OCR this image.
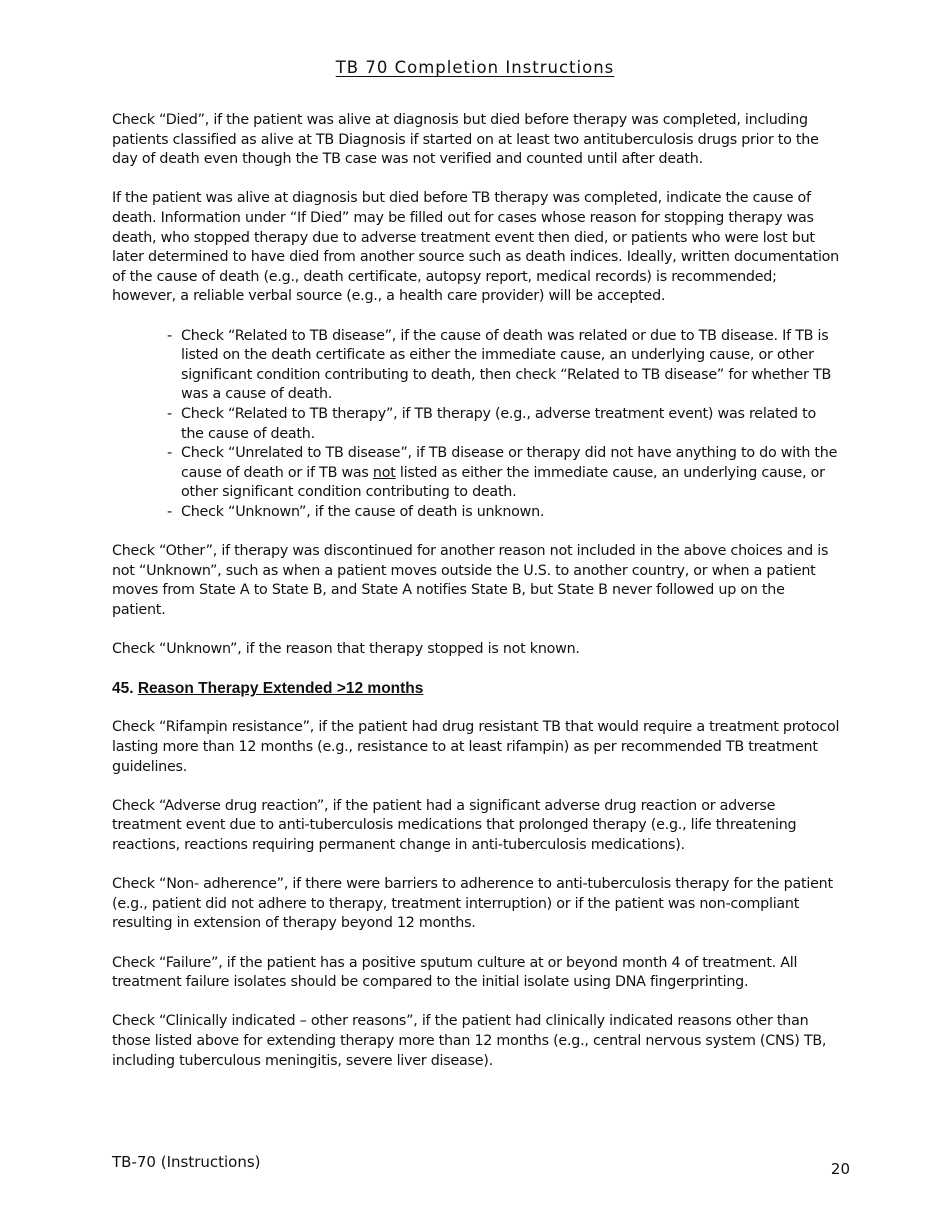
TB 70 Completion Instructions

Check “Died”, if the patient was alive at diagnosis but died before therapy was completed, including patients classified as alive at TB Diagnosis if started on at least two antituberculosis drugs prior to the day of death even though the TB case was not verified and counted until after death.

If the patient was alive at diagnosis but died before TB therapy was completed, indicate the cause of death. Information under “If Died” may be filled out for cases whose reason for stopping therapy was death, who stopped therapy due to adverse treatment event then died, or patients who were lost but later determined to have died from another source such as death indices. Ideally, written documentation of the cause of death (e.g., death certificate, autopsy report, medical records) is recommended; however, a reliable verbal source (e.g., a health care provider) will be accepted.

- Check “Related to TB disease”, if the cause of death was related or due to TB disease. If TB is listed on the death certificate as either the immediate cause, an underlying cause, or other significant condition contributing to death, then check “Related to TB disease” for whether TB was a cause of death.
- Check “Related to TB therapy”, if TB therapy (e.g., adverse treatment event) was related to the cause of death.
- Check “Unrelated to TB disease”, if TB disease or therapy did not have anything to do with the cause of death or if TB was not listed as either the immediate cause, an underlying cause, or other significant condition contributing to death.
- Check “Unknown”, if the cause of death is unknown.

Check “Other”, if therapy was discontinued for another reason not included in the above choices and is not “Unknown”, such as when a patient moves outside the U.S. to another country, or when a patient moves from State A to State B, and State A notifies State B, but State B never followed up on the patient.

Check “Unknown”, if the reason that therapy stopped is not known.

45. Reason Therapy Extended >12 months

Check “Rifampin resistance”, if the patient had drug resistant TB that would require a treatment protocol lasting more than 12 months (e.g., resistance to at least rifampin) as per recommended TB treatment guidelines.

Check “Adverse drug reaction”, if the patient had a significant adverse drug reaction or adverse treatment event due to anti-tuberculosis medications that prolonged therapy (e.g., life threatening reactions, reactions requiring permanent change in anti-tuberculosis medications).

Check “Non- adherence”, if there were barriers to adherence to anti-tuberculosis therapy for the patient (e.g., patient did not adhere to therapy, treatment interruption) or if the patient was non-compliant resulting in extension of therapy beyond 12 months.

Check “Failure”, if the patient has a positive sputum culture at or beyond month 4 of treatment. All treatment failure isolates should be compared to the initial isolate using DNA fingerprinting.

Check “Clinically indicated – other reasons”, if the patient had clinically indicated reasons other than those listed above for extending therapy more than 12 months (e.g., central nervous system (CNS) TB, including tuberculous meningitis, severe liver disease).

TB-70 (Instructions)	20
